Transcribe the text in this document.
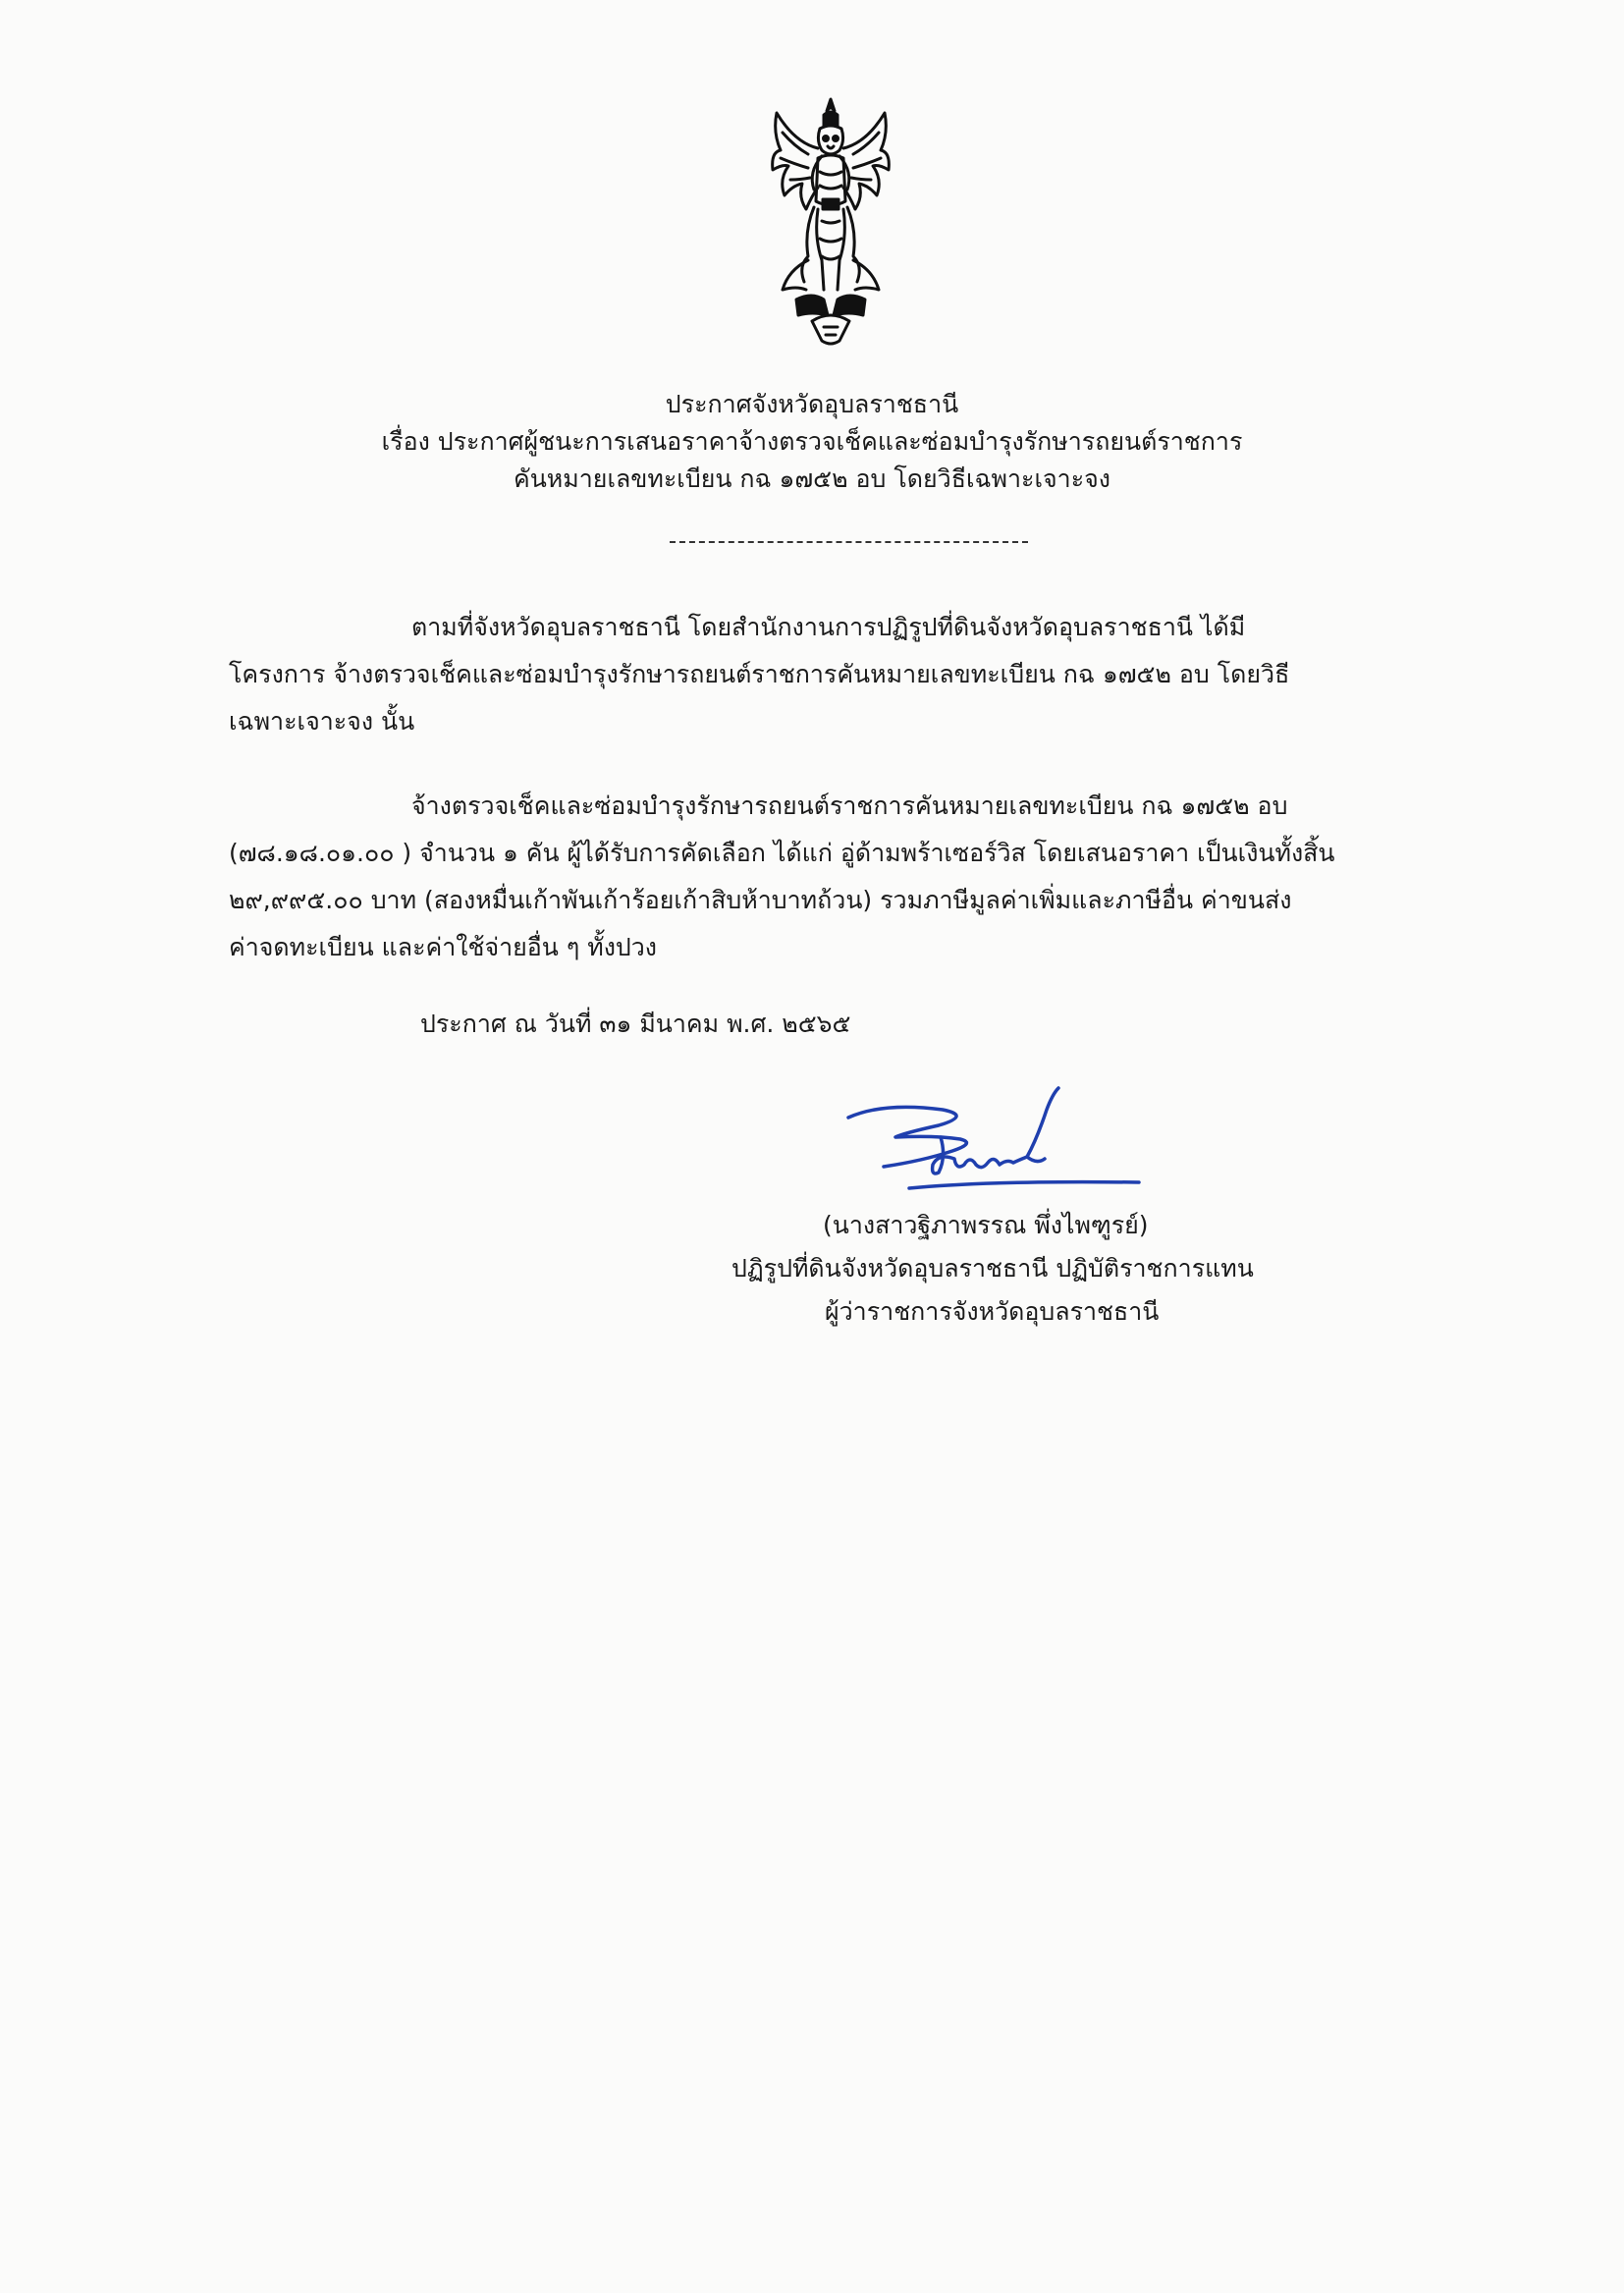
ประกาศจังหวัดอุบลราชธานี
เรื่อง ประกาศผู้ชนะการเสนอราคาจ้างตรวจเช็คและซ่อมบำรุงรักษารถยนต์ราชการ
คันหมายเลขทะเบียน กฉ ๑๗๕๒ อบ โดยวิธีเฉพาะเจาะจง
ตามที่จังหวัดอุบลราชธานี โดยสำนักงานการปฏิรูปที่ดินจังหวัดอุบลราชธานี ได้มี
โครงการ จ้างตรวจเช็คและซ่อมบำรุงรักษารถยนต์ราชการคันหมายเลขทะเบียน กฉ ๑๗๕๒ อบ โดยวิธี
เฉพาะเจาะจง นั้น
จ้างตรวจเช็คและซ่อมบำรุงรักษารถยนต์ราชการคันหมายเลขทะเบียน กฉ ๑๗๕๒ อบ
(๗๘.๑๘.๐๑.๐๐ ) จำนวน ๑ คัน ผู้ได้รับการคัดเลือก ได้แก่ อู่ด้ามพร้าเซอร์วิส โดยเสนอราคา เป็นเงินทั้งสิ้น
๒๙,๙๙๕.๐๐ บาท (สองหมื่นเก้าพันเก้าร้อยเก้าสิบห้าบาทถ้วน) รวมภาษีมูลค่าเพิ่มและภาษีอื่น ค่าขนส่ง
ค่าจดทะเบียน และค่าใช้จ่ายอื่น ๆ ทั้งปวง
ประกาศ ณ วันที่ ๓๑ มีนาคม พ.ศ. ๒๕๖๕
(นางสาวฐิภาพรรณ พึ่งไพฑูรย์)
ปฏิรูปที่ดินจังหวัดอุบลราชธานี ปฏิบัติราชการแทน
ผู้ว่าราชการจังหวัดอุบลราชธานี
